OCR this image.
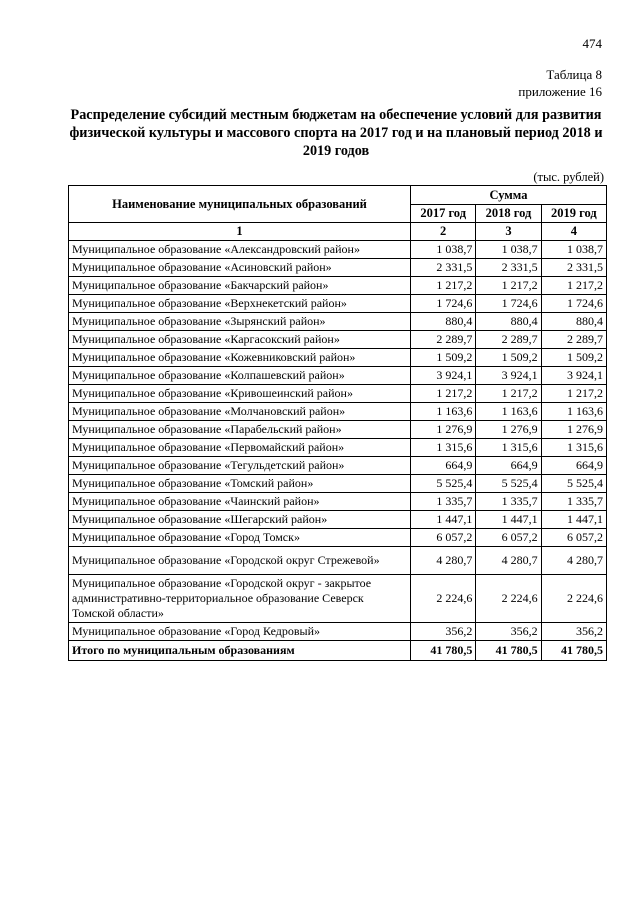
474
Таблица 8
приложение 16
Распределение субсидий местным бюджетам на обеспечение условий для развития физической культуры и массового спорта на 2017 год и на плановый период 2018 и 2019 годов
(тыс. рублей)
Наименование муниципальных образований	Сумма		
	2017 год	2018 год	2019 год
1	2	3	4
Муниципальное образование «Александровский район»	1 038,7	1 038,7	1 038,7
Муниципальное образование «Асиновский район»	2 331,5	2 331,5	2 331,5
Муниципальное образование «Бакчарский район»	1 217,2	1 217,2	1 217,2
Муниципальное образование «Верхнекетский район»	1 724,6	1 724,6	1 724,6
Муниципальное образование «Зырянский район»	880,4	880,4	880,4
Муниципальное образование «Каргасокский район»	2 289,7	2 289,7	2 289,7
Муниципальное образование «Кожевниковский район»	1 509,2	1 509,2	1 509,2
Муниципальное образование «Колпашевский район»	3 924,1	3 924,1	3 924,1
Муниципальное образование «Кривошеинский район»	1 217,2	1 217,2	1 217,2
Муниципальное образование «Молчановский район»	1 163,6	1 163,6	1 163,6
Муниципальное образование «Парабельский район»	1 276,9	1 276,9	1 276,9
Муниципальное образование «Первомайский район»	1 315,6	1 315,6	1 315,6
Муниципальное образование «Тегульдетский район»	664,9	664,9	664,9
Муниципальное образование «Томский район»	5 525,4	5 525,4	5 525,4
Муниципальное образование «Чаинский район»	1 335,7	1 335,7	1 335,7
Муниципальное образование «Шегарский район»	1 447,1	1 447,1	1 447,1
Муниципальное образование «Город Томск»	6 057,2	6 057,2	6 057,2
Муниципальное образование «Городской округ Стрежевой»	4 280,7	4 280,7	4 280,7
Муниципальное образование «Городской округ - закрытое административно-территориальное образование Северск Томской области»	2 224,6	2 224,6	2 224,6
Муниципальное образование «Город Кедровый»	356,2	356,2	356,2
Итого по муниципальным образованиям	41 780,5	41 780,5	41 780,5
